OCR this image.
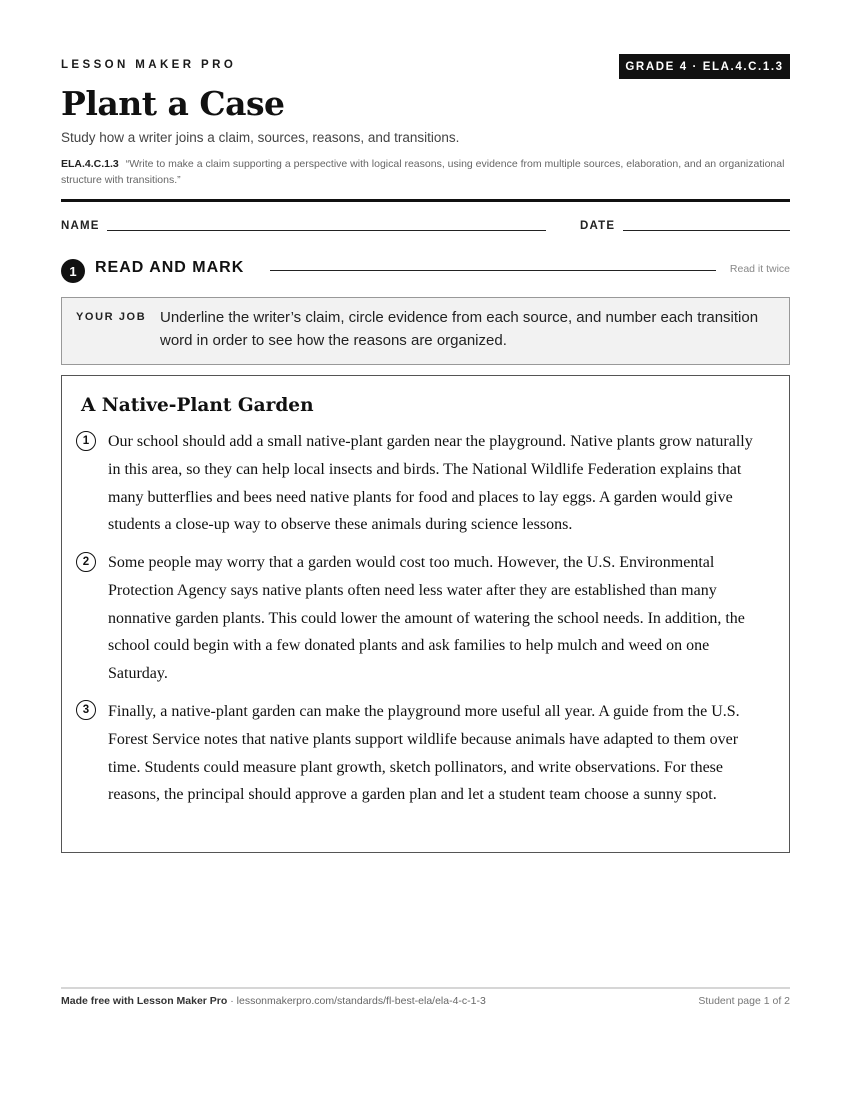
LESSON MAKER PRO	GRADE 4 · ELA.4.C.1.3
Plant a Case
Study how a writer joins a claim, sources, reasons, and transitions.
ELA.4.C.1.3 “Write to make a claim supporting a perspective with logical reasons, using evidence from multiple sources, elaboration, and an organizational structure with transitions.”
NAME	DATE
1	READ AND MARK	Read it twice
YOUR JOB Underline the writer’s claim, circle evidence from each source, and number each transition word in order to see how the reasons are organized.
A Native-Plant Garden
1	Our school should add a small native-plant garden near the playground. Native plants grow naturally in this area, so they can help local insects and birds. The National Wildlife Federation explains that many butterflies and bees need native plants for food and places to lay eggs. A garden would give students a close-up way to observe these animals during science lessons.

2	Some people may worry that a garden would cost too much. However, the U.S. Environmental Protection Agency says native plants often need less water after they are established than many nonnative garden plants. This could lower the amount of watering the school needs. In addition, the school could begin with a few donated plants and ask families to help mulch and weed on one Saturday.

3	Finally, a native-plant garden can make the playground more useful all year. A guide from the U.S. Forest Service notes that native plants support wildlife because animals have adapted to them over time. Students could measure plant growth, sketch pollinators, and write observations. For these reasons, the principal should approve a garden plan and let a student team choose a sunny spot.

Made free with Lesson Maker Pro · lessonmakerpro.com/standards/fl-best-ela/ela-4-c-1-3	Student page 1 of 2
